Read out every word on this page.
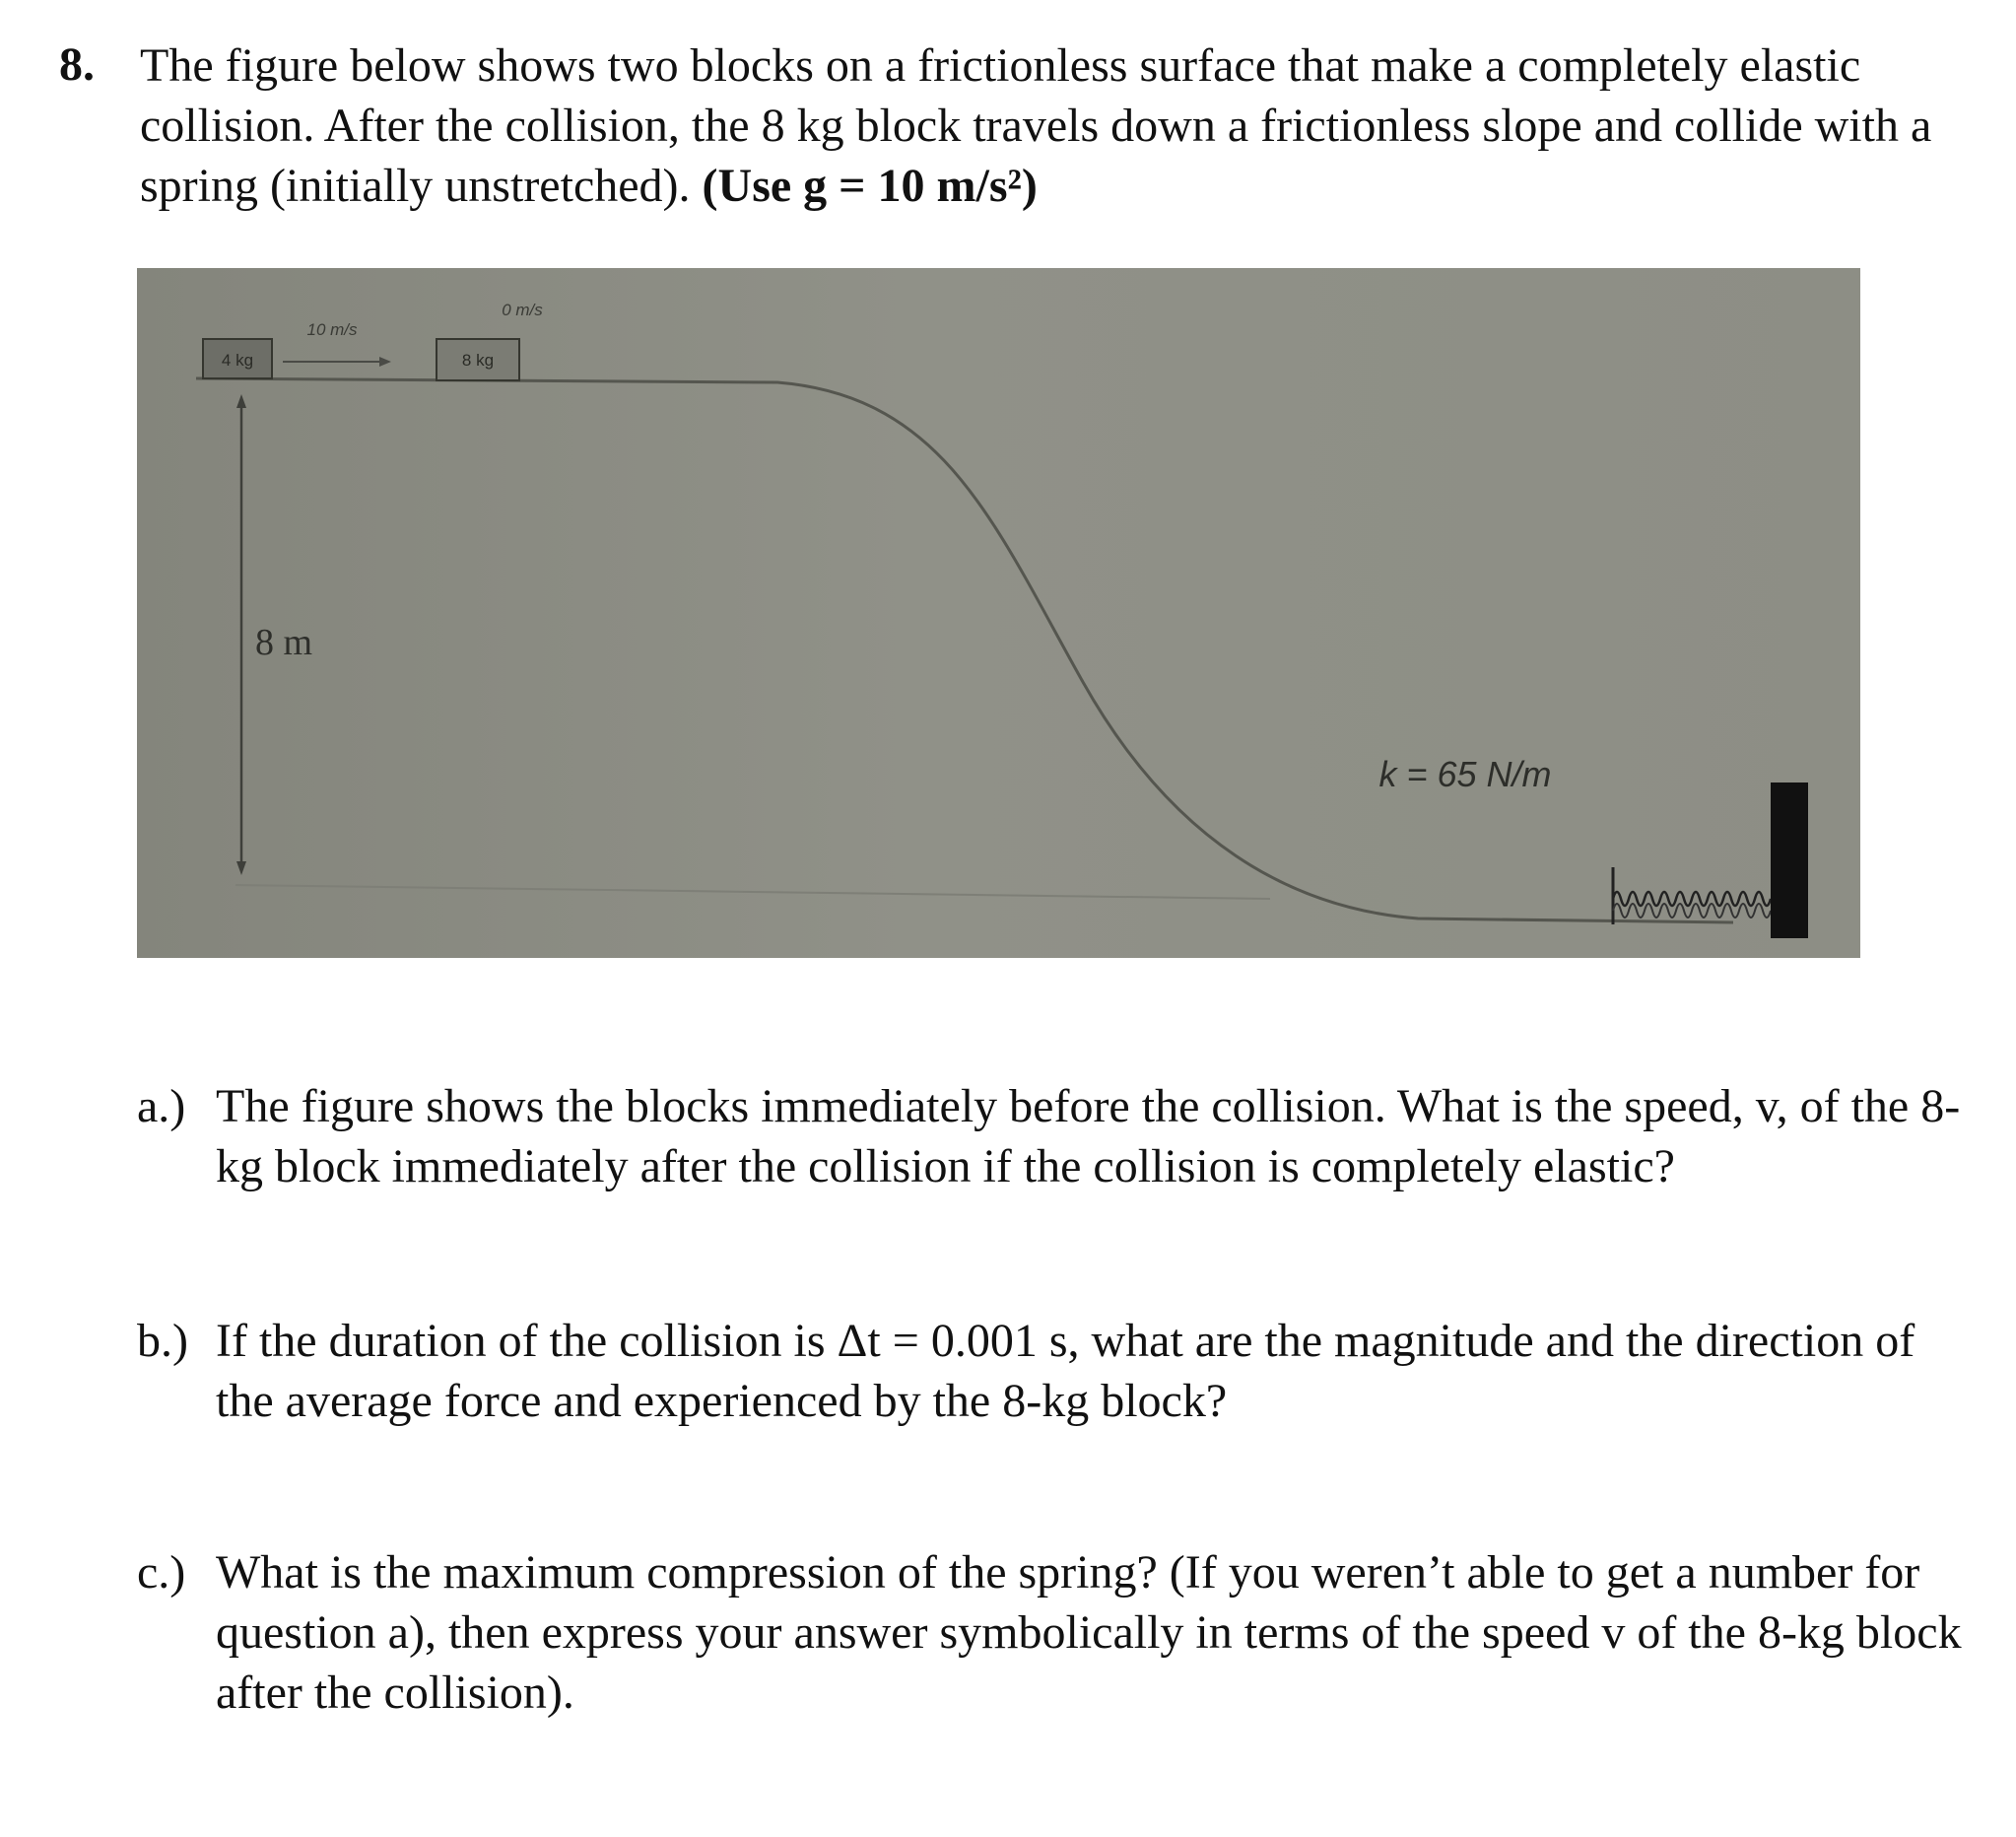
8. The figure below shows two blocks on a frictionless surface that make a completely elastic collision. After the collision, the 8 kg block travels down a frictionless slope and collide with a spring (initially unstretched). (Use g = 10 m/s²)
8 m
4 kg
10 m/s
8 kg
0 m/s
k = 65 N/m
a.) The figure shows the blocks immediately before the collision. What is the speed, v, of the 8-kg block immediately after the collision if the collision is completely elastic?
b.) If the duration of the collision is Δt = 0.001 s, what are the magnitude and the direction of the average force and experienced by the 8-kg block?
c.) What is the maximum compression of the spring? (If you weren’t able to get a number for question a), then express your answer symbolically in terms of the speed v of the 8-kg block after the collision).
